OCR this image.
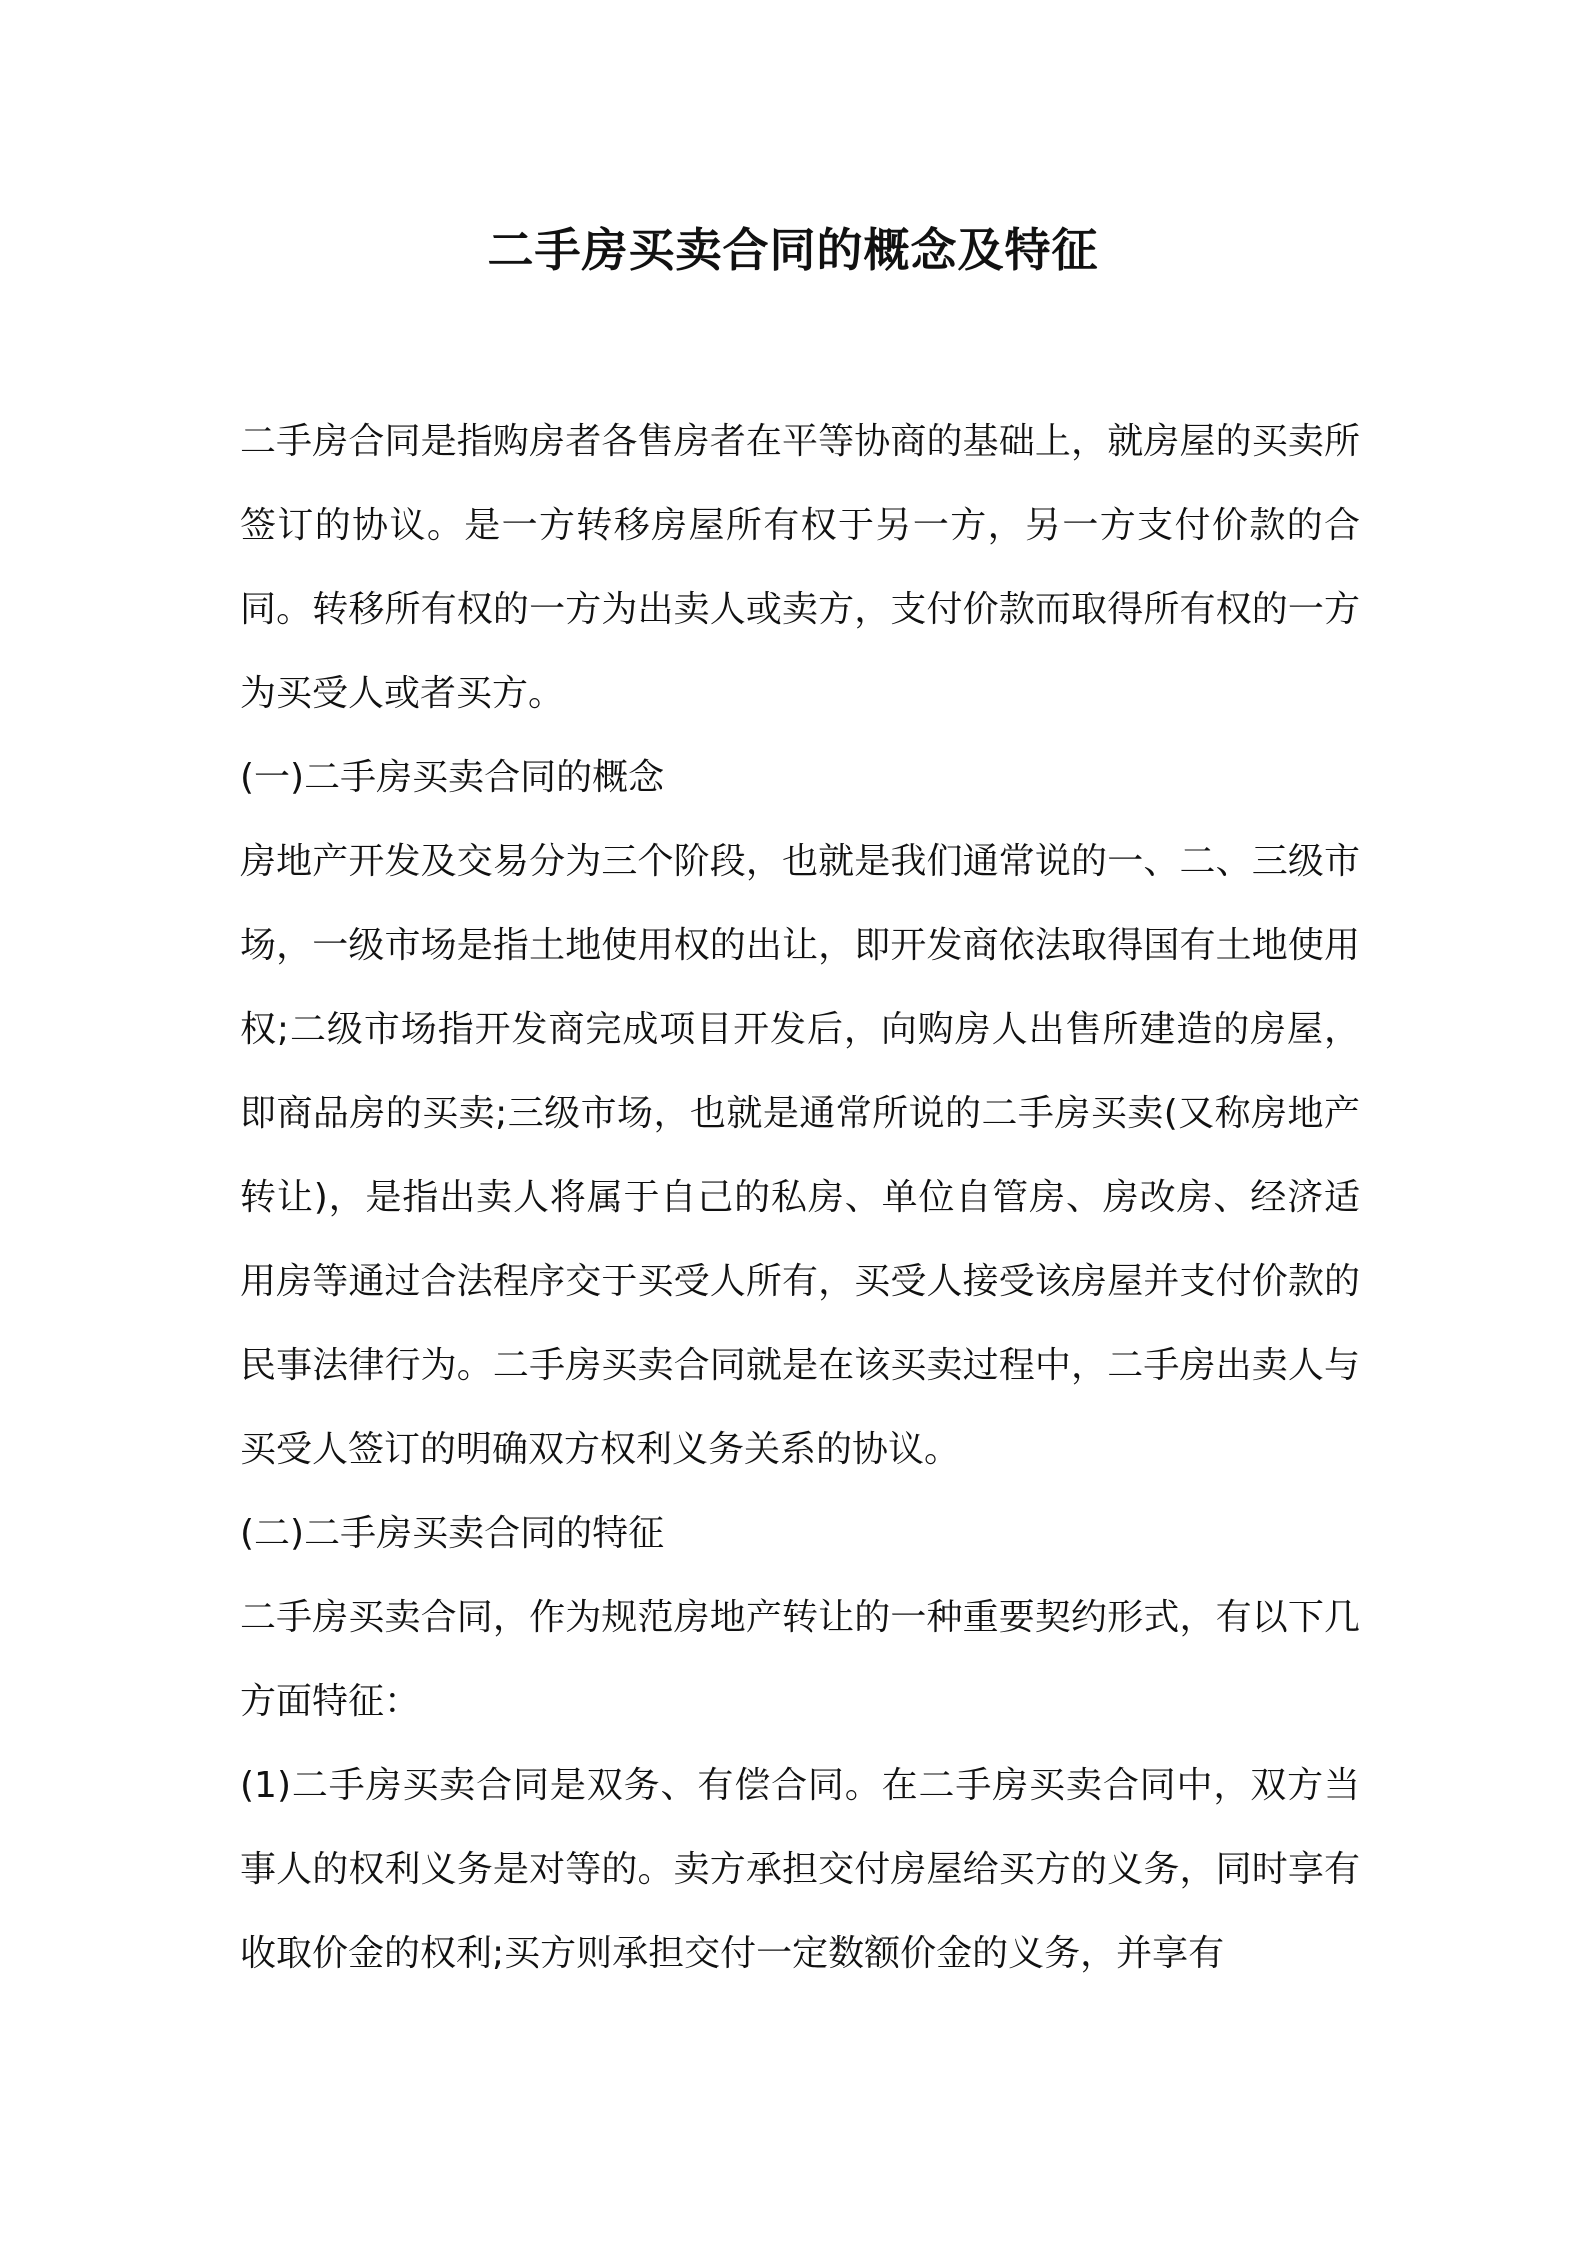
二手房买卖合同的概念及特征

二手房合同是指购房者各售房者在平等协商的基础上，就房屋的买卖所签订的协议。是一方转移房屋所有权于另一方，另一方支付价款的合同。转移所有权的一方为出卖人或卖方，支付价款而取得所有权的一方为买受人或者买方。

(一)二手房买卖合同的概念

房地产开发及交易分为三个阶段，也就是我们通常说的一、二、三级市场，一级市场是指土地使用权的出让，即开发商依法取得国有土地使用权;二级市场指开发商完成项目开发后，向购房人出售所建造的房屋，即商品房的买卖;三级市场，也就是通常所说的二手房买卖(又称房地产转让)，是指出卖人将属于自己的私房、单位自管房、房改房、经济适用房等通过合法程序交于买受人所有，买受人接受该房屋并支付价款的民事法律行为。二手房买卖合同就是在该买卖过程中，二手房出卖人与买受人签订的明确双方权利义务关系的协议。

(二)二手房买卖合同的特征

二手房买卖合同，作为规范房地产转让的一种重要契约形式，有以下几方面特征：

(1)二手房买卖合同是双务、有偿合同。在二手房买卖合同中，双方当事人的权利义务是对等的。卖方承担交付房屋给买方的义务，同时享有收取价金的权利;买方则承担交付一定数额价金的义务，并享有
